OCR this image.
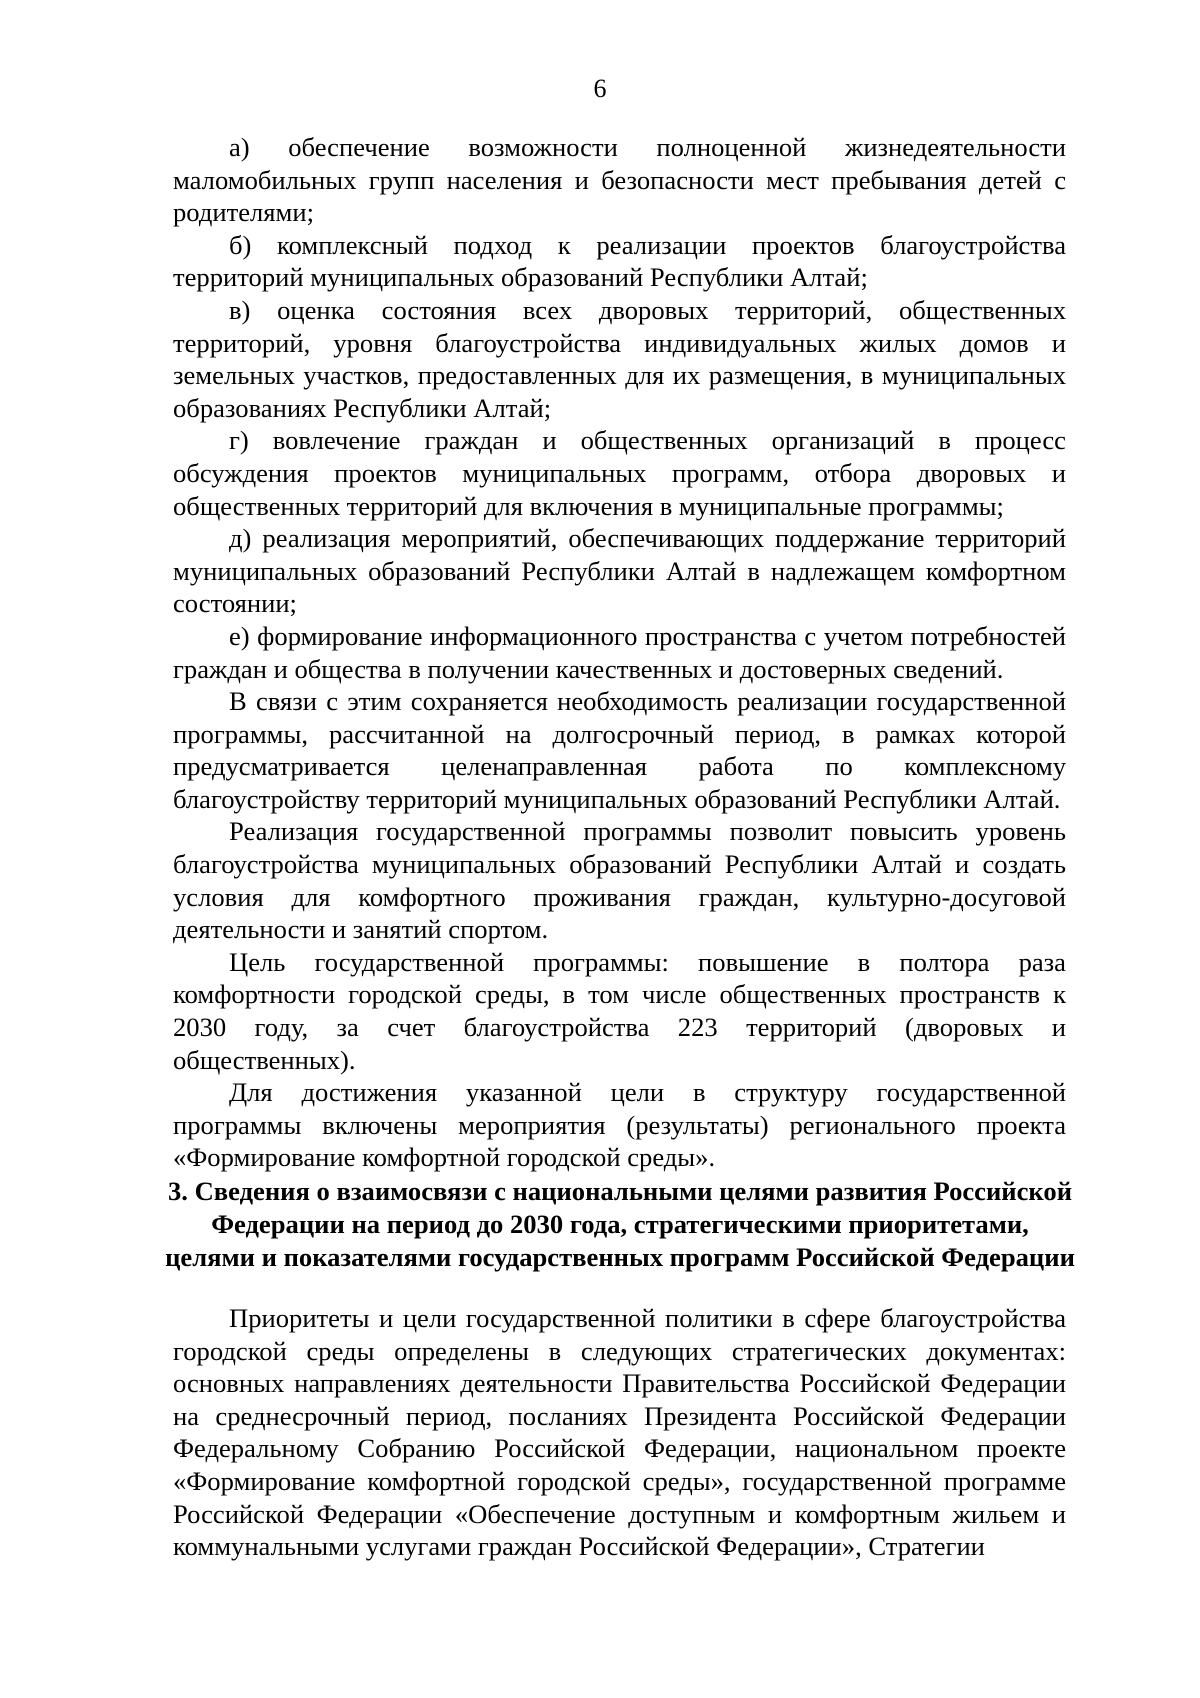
6

а) обеспечение возможности полноценной жизнедеятельности маломобильных групп населения и безопасности мест пребывания детей с родителями;

б) комплексный подход к реализации проектов благоустройства территорий муниципальных образований Республики Алтай;

в) оценка состояния всех дворовых территорий, общественных территорий, уровня благоустройства индивидуальных жилых домов и земельных участков, предоставленных для их размещения, в муниципальных образованиях Республики Алтай;

г) вовлечение граждан и общественных организаций в процесс обсуждения проектов муниципальных программ, отбора дворовых и общественных территорий для включения в муниципальные программы;

д) реализация мероприятий, обеспечивающих поддержание территорий муниципальных образований Республики Алтай в надлежащем комфортном состоянии;

е) формирование информационного пространства с учетом потребностей граждан и общества в получении качественных и достоверных сведений.

В связи с этим сохраняется необходимость реализации государственной программы, рассчитанной на долгосрочный период, в рамках которой предусматривается целенаправленная работа по комплексному благоустройству территорий муниципальных образований Республики Алтай.

Реализация государственной программы позволит повысить уровень благоустройства муниципальных образований Республики Алтай и создать условия для комфортного проживания граждан, культурно-досуговой деятельности и занятий спортом.

Цель государственной программы: повышение в полтора раза комфортности городской среды, в том числе общественных пространств к 2030 году, за счет благоустройства 223 территорий (дворовых и общественных).

Для достижения указанной цели в структуру государственной программы включены мероприятия (результаты) регионального проекта «Формирование комфортной городской среды».

3. Сведения о взаимосвязи с национальными целями развития Российской
Федерации на период до 2030 года, стратегическими приоритетами,
целями и показателями государственных программ Российской Федерации

Приоритеты и цели государственной политики в сфере благоустройства городской среды определены в следующих стратегических документах: основных направлениях деятельности Правительства Российской Федерации на среднесрочный период, посланиях Президента Российской Федерации Федеральному Собранию Российской Федерации, национальном проекте «Формирование комфортной городской среды», государственной программе Российской Федерации «Обеспечение доступным и комфортным жильем и коммунальными услугами граждан Российской Федерации», Стратегии
